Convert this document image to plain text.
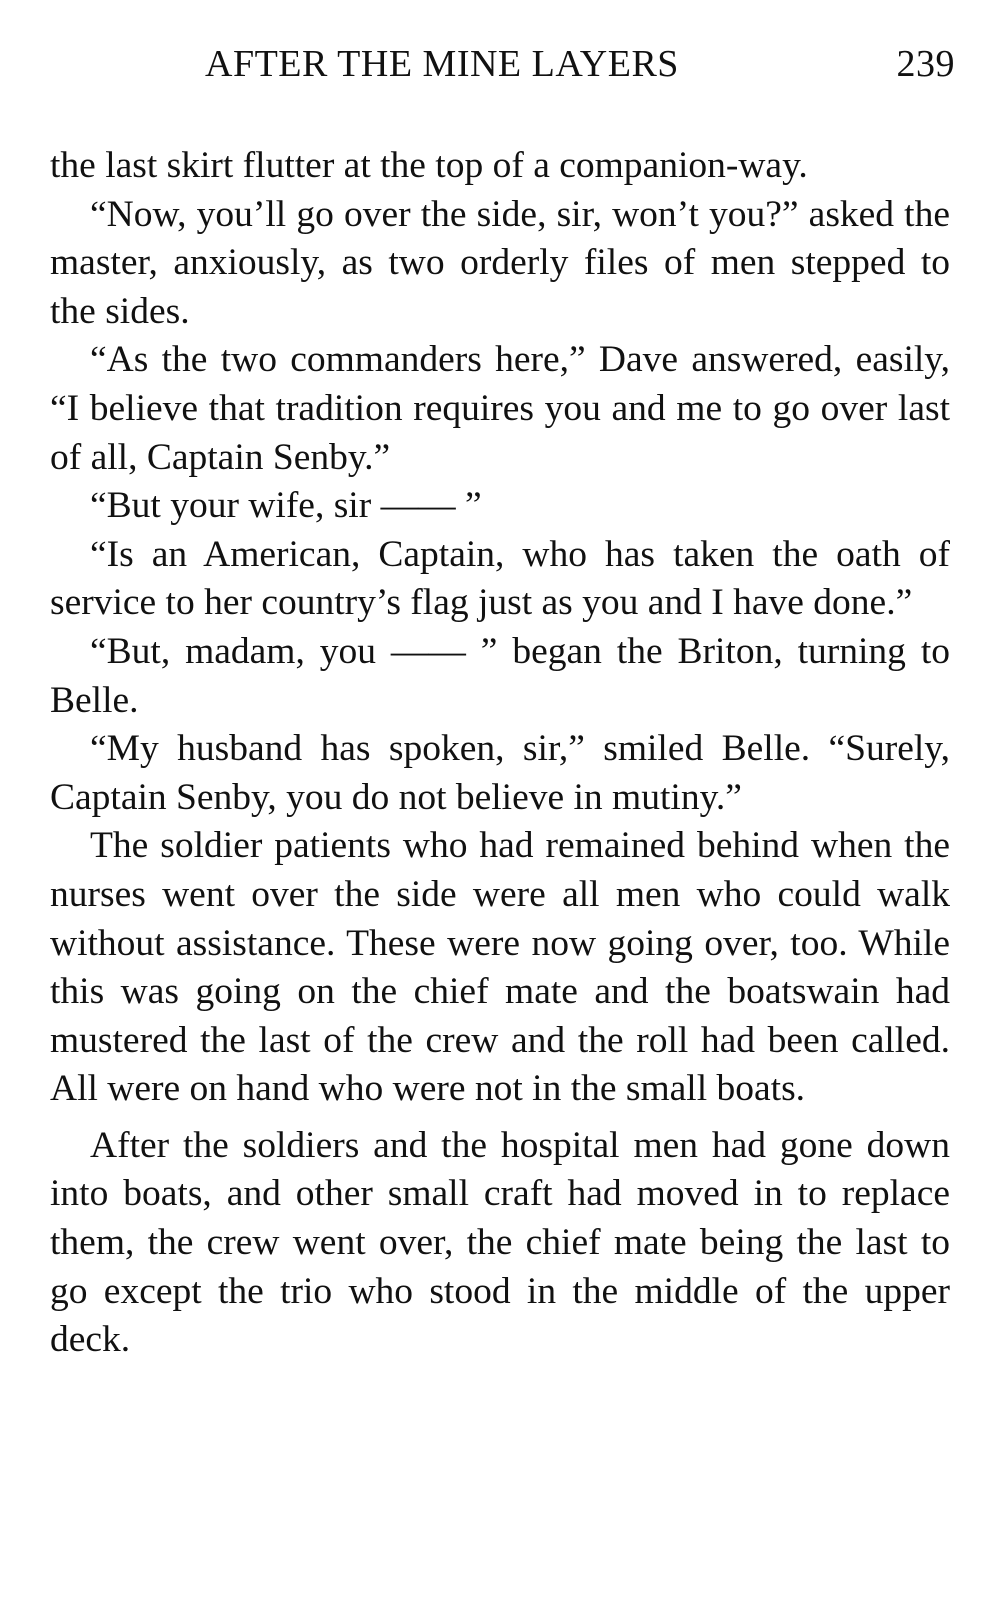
AFTER THE MINE LAYERS	239

the last skirt flutter at the top of a companion-way.

“Now, you’ll go over the side, sir, won’t you?” asked the master, anxiously, as two orderly files of men stepped to the sides.

“As the two commanders here,” Dave answered, easily, “I believe that tradition requires you and me to go over last of all, Captain Senby.”

“But your wife, sir —— ”

“Is an American, Captain, who has taken the oath of service to her country’s flag just as you and I have done.”

“But, madam, you —— ” began the Briton, turning to Belle.

“My husband has spoken, sir,” smiled Belle. “Surely, Captain Senby, you do not believe in mutiny.”

The soldier patients who had remained behind when the nurses went over the side were all men who could walk without assistance. These were now going over, too. While this was going on the chief mate and the boatswain had mustered the last of the crew and the roll had been called. All were on hand who were not in the small boats.

After the soldiers and the hospital men had gone down into boats, and other small craft had moved in to replace them, the crew went over, the chief mate being the last to go except the trio who stood in the middle of the upper deck.
